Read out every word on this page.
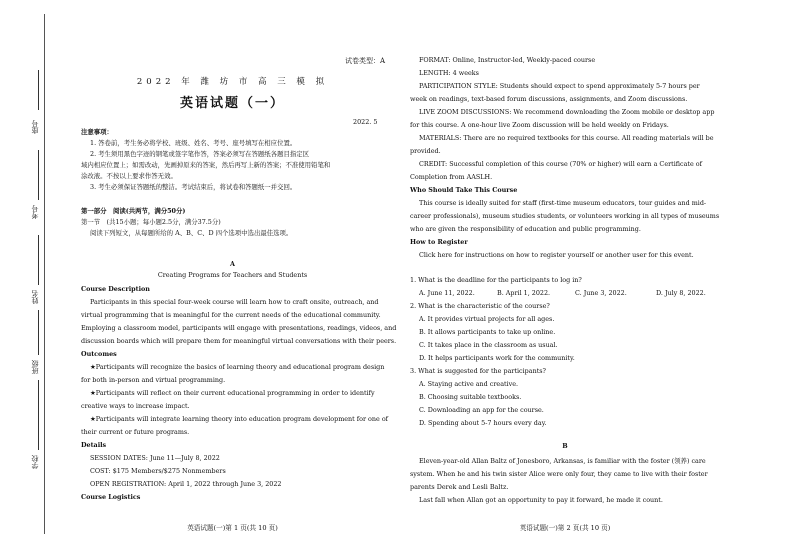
座号
考号
姓名
班级
学校
试卷类型：A
2022 年 潍 坊 市 高 三 模 拟
英语试题（一）
2022. 5
注意事项：
1. 答卷前，考生务必将学校、班级、姓名、考号、座号填写在相应位置。
2. 考生须用黑色字迹的钢笔或签字笔作答，答案必须写在答题纸各题目指定区
域内相应位置上；如需改动，先画掉原来的答案，然后再写上新的答案；不准使用铅笔和
涂改液。不按以上要求作答无效。
3. 考生必须保证答题纸的整洁。考试结束后，将试卷和答题纸一并交回。
第一部分　阅读(共两节，满分50分)
第一节　(共15小题；每小题2.5分，满分37.5分)
阅读下列短文，从每题所给的 A、B、C、D 四个选项中选出最佳选项。
A
Creating Programs for Teachers and Students
Course Description
Participants in this special four-week course will learn how to craft onsite, outreach, and
virtual programming that is meaningful for the current needs of the educational community.
Employing a classroom model, participants will engage with presentations, readings, videos, and
discussion boards which will prepare them for meaningful virtual conversations with their peers.
Outcomes
★Participants will recognize the basics of learning theory and educational program design
for both in-person and virtual programming.
★Participants will reflect on their current educational programming in order to identify
creative ways to increase impact.
★Participants will integrate learning theory into education program development for one of
their current or future programs.
Details
SESSION DATES: June 11—July 8, 2022
COST: $175 Members/$275 Nonmembers
OPEN REGISTRATION: April 1, 2022 through June 3, 2022
Course Logistics
英语试题(一)第 1 页(共 10 页)
FORMAT: Online, Instructor-led, Weekly-paced course
LENGTH: 4 weeks
PARTICIPATION STYLE: Students should expect to spend approximately 5-7 hours per
week on readings, text-based forum discussions, assignments, and Zoom discussions.
LIVE ZOOM DISCUSSIONS: We recommend downloading the Zoom mobile or desktop app
for this course. A one-hour live Zoom discussion will be held weekly on Fridays.
MATERIALS: There are no required textbooks for this course. All reading materials will be
provided.
CREDIT: Successful completion of this course (70% or higher) will earn a Certificate of
Completion from AASLH.
Who Should Take This Course
This course is ideally suited for staff (first-time museum educators, tour guides and mid-
career professionals), museum studies students, or volunteers working in all types of museums
who are given the responsibility of education and public programming.
How to Register
Click here for instructions on how to register yourself or another user for this event.
1. What is the deadline for the participants to log in?
A. June 11, 2022.	B. April 1, 2022.	C. June 3, 2022.	D. July 8, 2022.
2. What is the characteristic of the course?
A. It provides virtual projects for all ages.
B. It allows participants to take up online.
C. It takes place in the classroom as usual.
D. It helps participants work for the community.
3. What is suggested for the participants?
A. Staying active and creative.
B. Choosing suitable textbooks.
C. Downloading an app for the course.
D. Spending about 5-7 hours every day.
B
Eleven-year-old Allan Baltz of Jonesboro, Arkansas, is familiar with the foster (领养) care
system. When he and his twin sister Alice were only four, they came to live with their foster
parents Derek and Lesli Baltz.
Last fall when Allan got an opportunity to pay it forward, he made it count.
英语试题(一)第 2 页(共 10 页)
